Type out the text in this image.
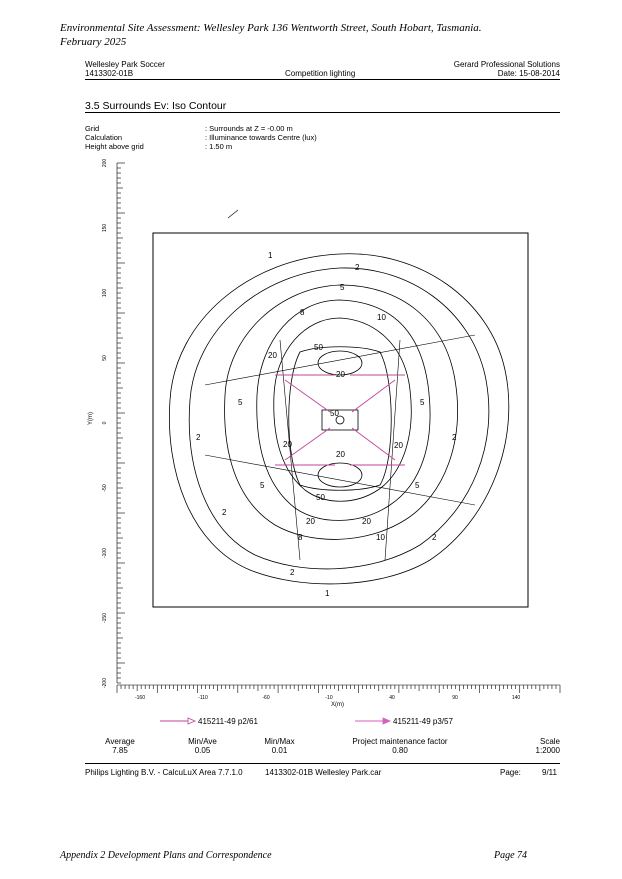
Environmental Site Assessment: Wellesley Park 136 Wentworth Street, South Hobart, Tasmania.
February 2025
Wellesley Park Soccer
1413302-01B	Competition lighting
Gerard Professional Solutions
Date: 15-08-2014
3.5 Surrounds Ev: Iso Contour
Grid	: Surrounds at Z = -0.00 m
Calculation	: Illuminance towards Centre (lux)
Height above grid	: 1.50 m
200
150
100
50
0
-50
-100
-150
-200
-160	-110	-60	-10	40	90	140
Y(m)
X(m)
1
2
5
8
10
20
50
20
50
20
20	20
50
20	20
8	10
5	5
2	2
5	5
2
1
2
2
415211-49 p2/61	415211-49 p3/57
Average
7.85
Min/Ave
0.05
Min/Max
0.01
Project maintenance factor
0.80
Scale
1:2000
Philips Lighting B.V. - CalcuLuX Area 7.7.1.0	1413302-01B Wellesley Park.car	Page:	9/11
Appendix 2 Development Plans and Correspondence	Page 74
